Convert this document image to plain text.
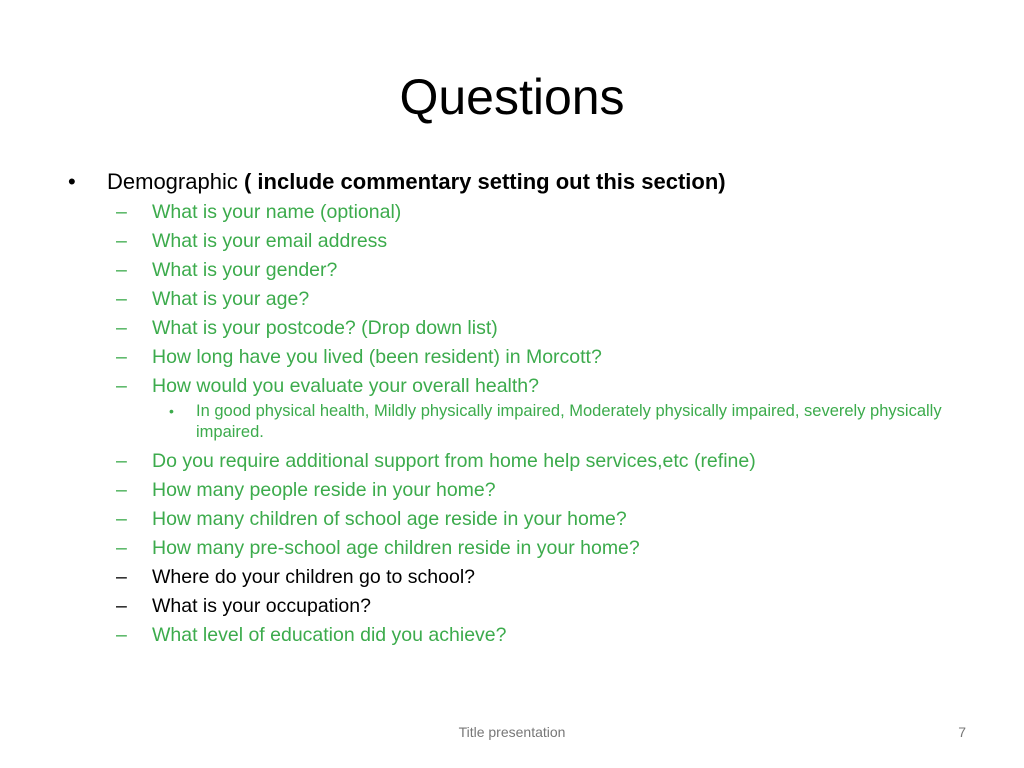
Questions
• Demographic ( include commentary setting out this section)
– What is your name (optional)
– What is your email address
– What is your gender?
– What is your age?
– What is your postcode? (Drop down list)
– How long have you lived (been resident) in Morcott?
– How would you evaluate your overall health?
• In good physical health, Mildly physically impaired, Moderately physically impaired, severely physically impaired.
– Do you require additional support from home help services,etc (refine)
– How many people reside in your home?
– How many children of school age reside in your home?
– How many pre-school age children reside in your home?
– Where do your children go to school?
– What is your occupation?
– What level of education did you achieve?
Title presentation	7
